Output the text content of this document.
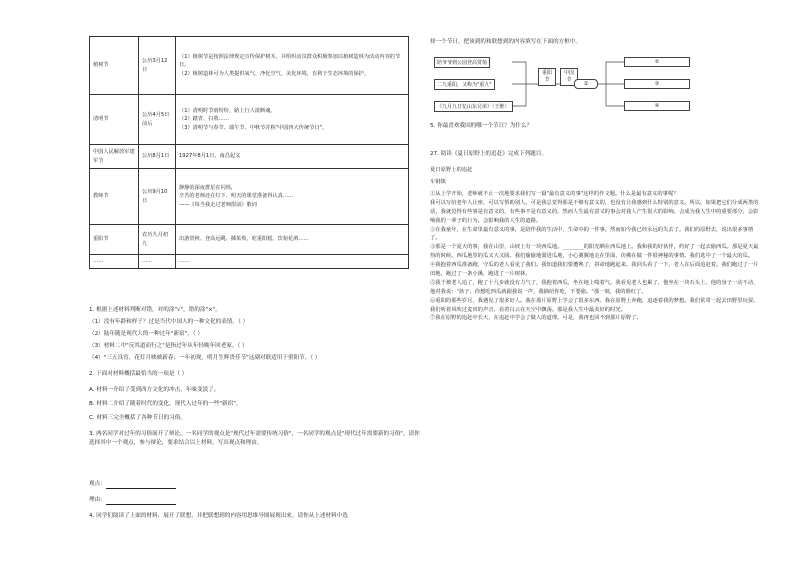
植树节	公历3月12日	（1）植树节是按照法律规定宣传保护树木，并组织动员群众积极参加以植树造林为活动内容的节日。
（2）植树造林可为人类提供氧气、净化空气、美化环境，有利于生态环境的保护。

清明节	公历4月5日前后	（1）清明时节雨纷纷，路上行人欲断魂。
（2）踏青、扫墓……
（3）清明节与春节、端午节、中秋节并称"中国四大传统节日"。

中国人民解放军建军节	公历8月1日	1927年8月1日，南昌起义

教师节	公历9月10日	静静的深夜群星在闪烁，
辛苦的老师还在灯下，明天的课堂准备得认真……
——《每当我走过老师窗前》歌词

重阳节	农历九月初九	出游赏秋、登高远眺、插茱萸、吃重阳糕、饮菊花酒……

……	……	……
1. 根据上述材料判断对错，对的涂"√"，错的涂"×"。
（1）没有年龄和样子？过是当代中国人的一种文化的表情。（ ）
（2）陆年随是现代人的一种过年"新宿"。（ ）
（3）材料二中"反其道而行之"是指过年从年轻晚年回老家。（ ）
（4）"三五良宵，花灯月映映新春；一年初现，明月生辉贵佳节"这副对联适用于重阳节。（ ）
2. 下面对材料概括最恰当的一项是（ ）
A. 材料一介绍了受到西方文化的冲击，年味变淡了。
B. 材料二介绍了随着时代的变化，现代人过年的一些"新宿"。
C. 材料三完全概括了各种节日的习俗。
3. 两名同学对过年的习俗展开了辩论，一名同学的观点是"现代过年需要传统习俗"，一名同学的观点是"现代过年需要新的习俗"。请你选择其中一个观点，参与辩论，要求结合以上材料，写出观点和理由。
观点：
理由：
4. 同学们阅读了上面的材料，展开了联想，并把联想到的内容用思维导图展现出来。请你从上述材料中选
择一个节日，把该到的和联想到的内容填写在下面的方框中。
陪爷爷到公园登高赏菊
二九重阳，又称为"重九"
《九月九日忆山东兄弟》（王维）
重阳节
中国节
①
②
③
④
5. 你最喜欢我国的哪一个节日？为什么？
27. 阅读《夏日原野上的追赶》完成下列题目。
夏日原野上的追赶
车钢镇

①从上学开始，老师就不止一次地要求我们写一篇"最有意义的事"这样的作文题。什么是最有意义的事呢？

我可以写给老年人让座，可以写帮助别人。可是我总觉得那是不够有意义的，也没有让我感到什么特别的意义。所以，如果把它们分成两类的话，我就觉得有些事是有意义的，有些事不是有意义的。然而人生最有意义的事会对我人产生很大的影响。会成为我人生中的重要部分，会影响我的一辈子的行为。会影响我的人生的道路。

②在我童年，在生命里最有意义的事，是陪伴我的生活中，生命中的一件事。然而如今我已经永远的失去了。我们的原野去，说出很多事情了。

③那是一个夏天的事，我在山里，山坡上有一块西瓜地。________的阳光晒在西瓜地上。我和我的好伙伴，约好了一起去偷西瓜。那是夏天最热的时候。西瓜地里的瓜又大又圆。我们偷偷地溜进瓜地，小心翼翼地走在里面，仿佛在做一件很神秘的事情。我们选中了一个最大的瓜。

④我抱着西瓜准备跑，守瓜的老人看见了我们。我知道我们要遭殃了，拼命地跑起来。我回头看了一下，老人在后面追赶着。我们跑过了一片田地，跑过了一条小溪，跑进了一片树林。

⑤我于被老人追了，跑了十几步就没有力气了，我抱着西瓜，坐在地上喘着气。我看见老人也累了，他坐在一块石头上。他的身子一动不动，他对我说："孩子，你想吃西瓜就跟我说一声，我摘给你吃，不要偷。"那一刻，我的脸红了。

⑥重阳的那些岁月，我遇见了很多好人。我在那片原野上学会了很多东西。我在原野上奔跑，追逐着我的梦想。我们常常一起去田野里玩耍。我们听着风吹过麦田的声音，看着白云在天空中飘荡。那是我人生中最美好的时光。

⑦我在原野的追赶中长大，在追赶中学会了做人的道理。可是，我再也回不到那片原野了。
